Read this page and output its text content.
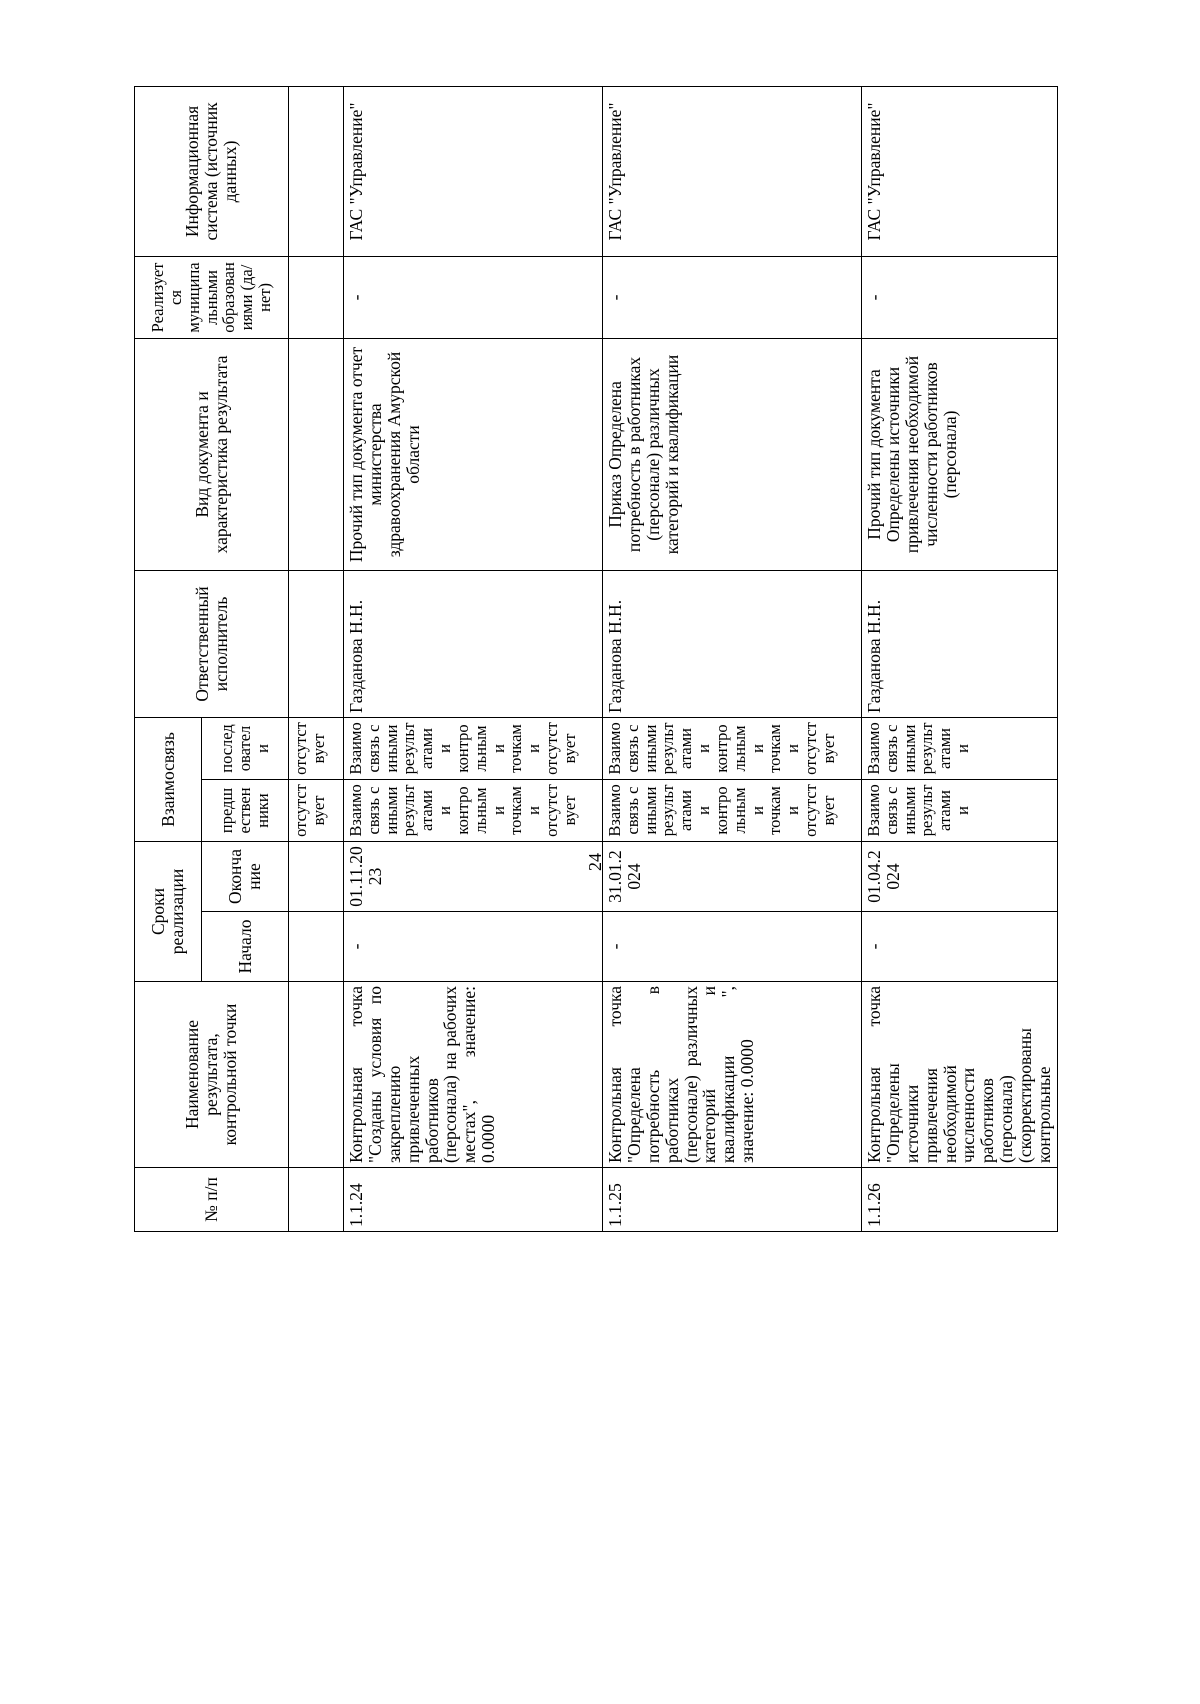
24
№ п/п	Наименование результата, контрольной точки	Сроки реализации		Взаимосвязь		Ответственный исполнитель	Вид документа и характеристика результата	Реализуется муниципальными образованиями (да/нет)	Информационная система (источник данных)
		Начало	Окончание	предшественники	последователи				
				отсутствует	отсутствует				
1.1.24	Контрольная точка "Созданы условия по закреплению привлеченных работников (персонала) на рабочих местах", значение: 0.0000	-	01.11.2023	Взаимосвязь с иными результатами и контрольными точками отсутствует	Взаимосвязь с иными результатами и контрольными точками отсутствует	Газданова Н.Н.	Прочий тип документа отчет министерства здравоохранения Амурской области	-	ГАС "Управление"
1.1.25	Контрольная точка "Определена потребность в работниках (персонале) различных категорий и квалификации ", значение: 0.0000	-	31.01.2024	Взаимосвязь с иными результатами и контрольными точками отсутствует	Взаимосвязь с иными результатами и контрольными точками отсутствует	Газданова Н.Н.	Приказ Определена потребность в работниках (персонале) различных категорий и квалификации	-	ГАС "Управление"
1.1.26	Контрольная точка "Определены источники привлечения необходимой численности работников (персонала) (скорректированы контрольные	-	01.04.2024	Взаимосвязь с иными результатами и	Взаимосвязь с иными результатами и	Газданова Н.Н.	Прочий тип документа Определены источники привлечения необходимой численности работников (персонала)	-	ГАС "Управление"
